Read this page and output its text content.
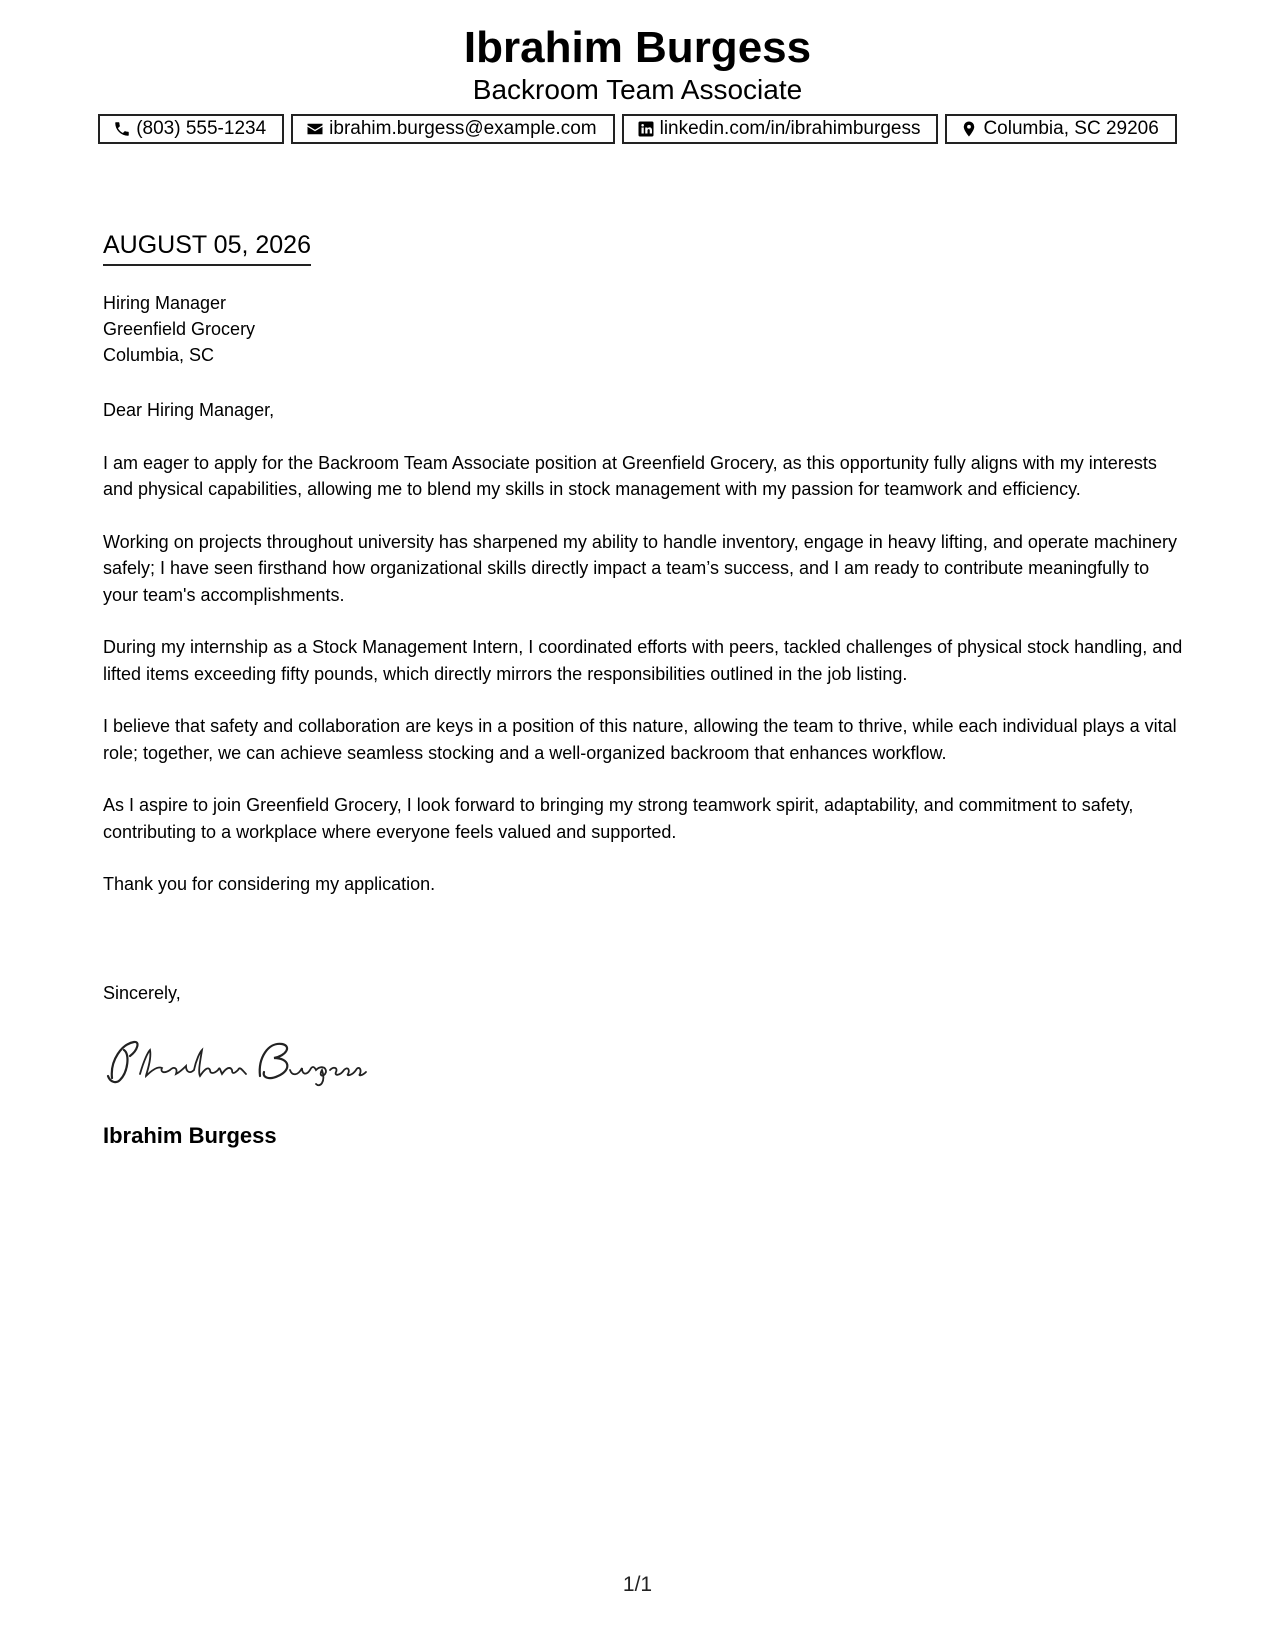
Ibrahim Burgess
Backroom Team Associate
(803) 555-1234	ibrahim.burgess@example.com	linkedin.com/in/ibrahimburgess	Columbia, SC 29206
AUGUST 05, 2026
Hiring Manager
Greenfield Grocery
Columbia, SC

Dear Hiring Manager,

I am eager to apply for the Backroom Team Associate position at Greenfield Grocery, as this opportunity fully aligns with my interests and physical capabilities, allowing me to blend my skills in stock management with my passion for teamwork and efficiency.

Working on projects throughout university has sharpened my ability to handle inventory, engage in heavy lifting, and operate machinery safely; I have seen firsthand how organizational skills directly impact a team’s success, and I am ready to contribute meaningfully to your team's accomplishments.

During my internship as a Stock Management Intern, I coordinated efforts with peers, tackled challenges of physical stock handling, and lifted items exceeding fifty pounds, which directly mirrors the responsibilities outlined in the job listing.

I believe that safety and collaboration are keys in a position of this nature, allowing the team to thrive, while each individual plays a vital role; together, we can achieve seamless stocking and a well-organized backroom that enhances workflow.

As I aspire to join Greenfield Grocery, I look forward to bringing my strong teamwork spirit, adaptability, and commitment to safety, contributing to a workplace where everyone feels valued and supported.

Thank you for considering my application.

Sincerely,
Ibrahim Burgess
1/1
